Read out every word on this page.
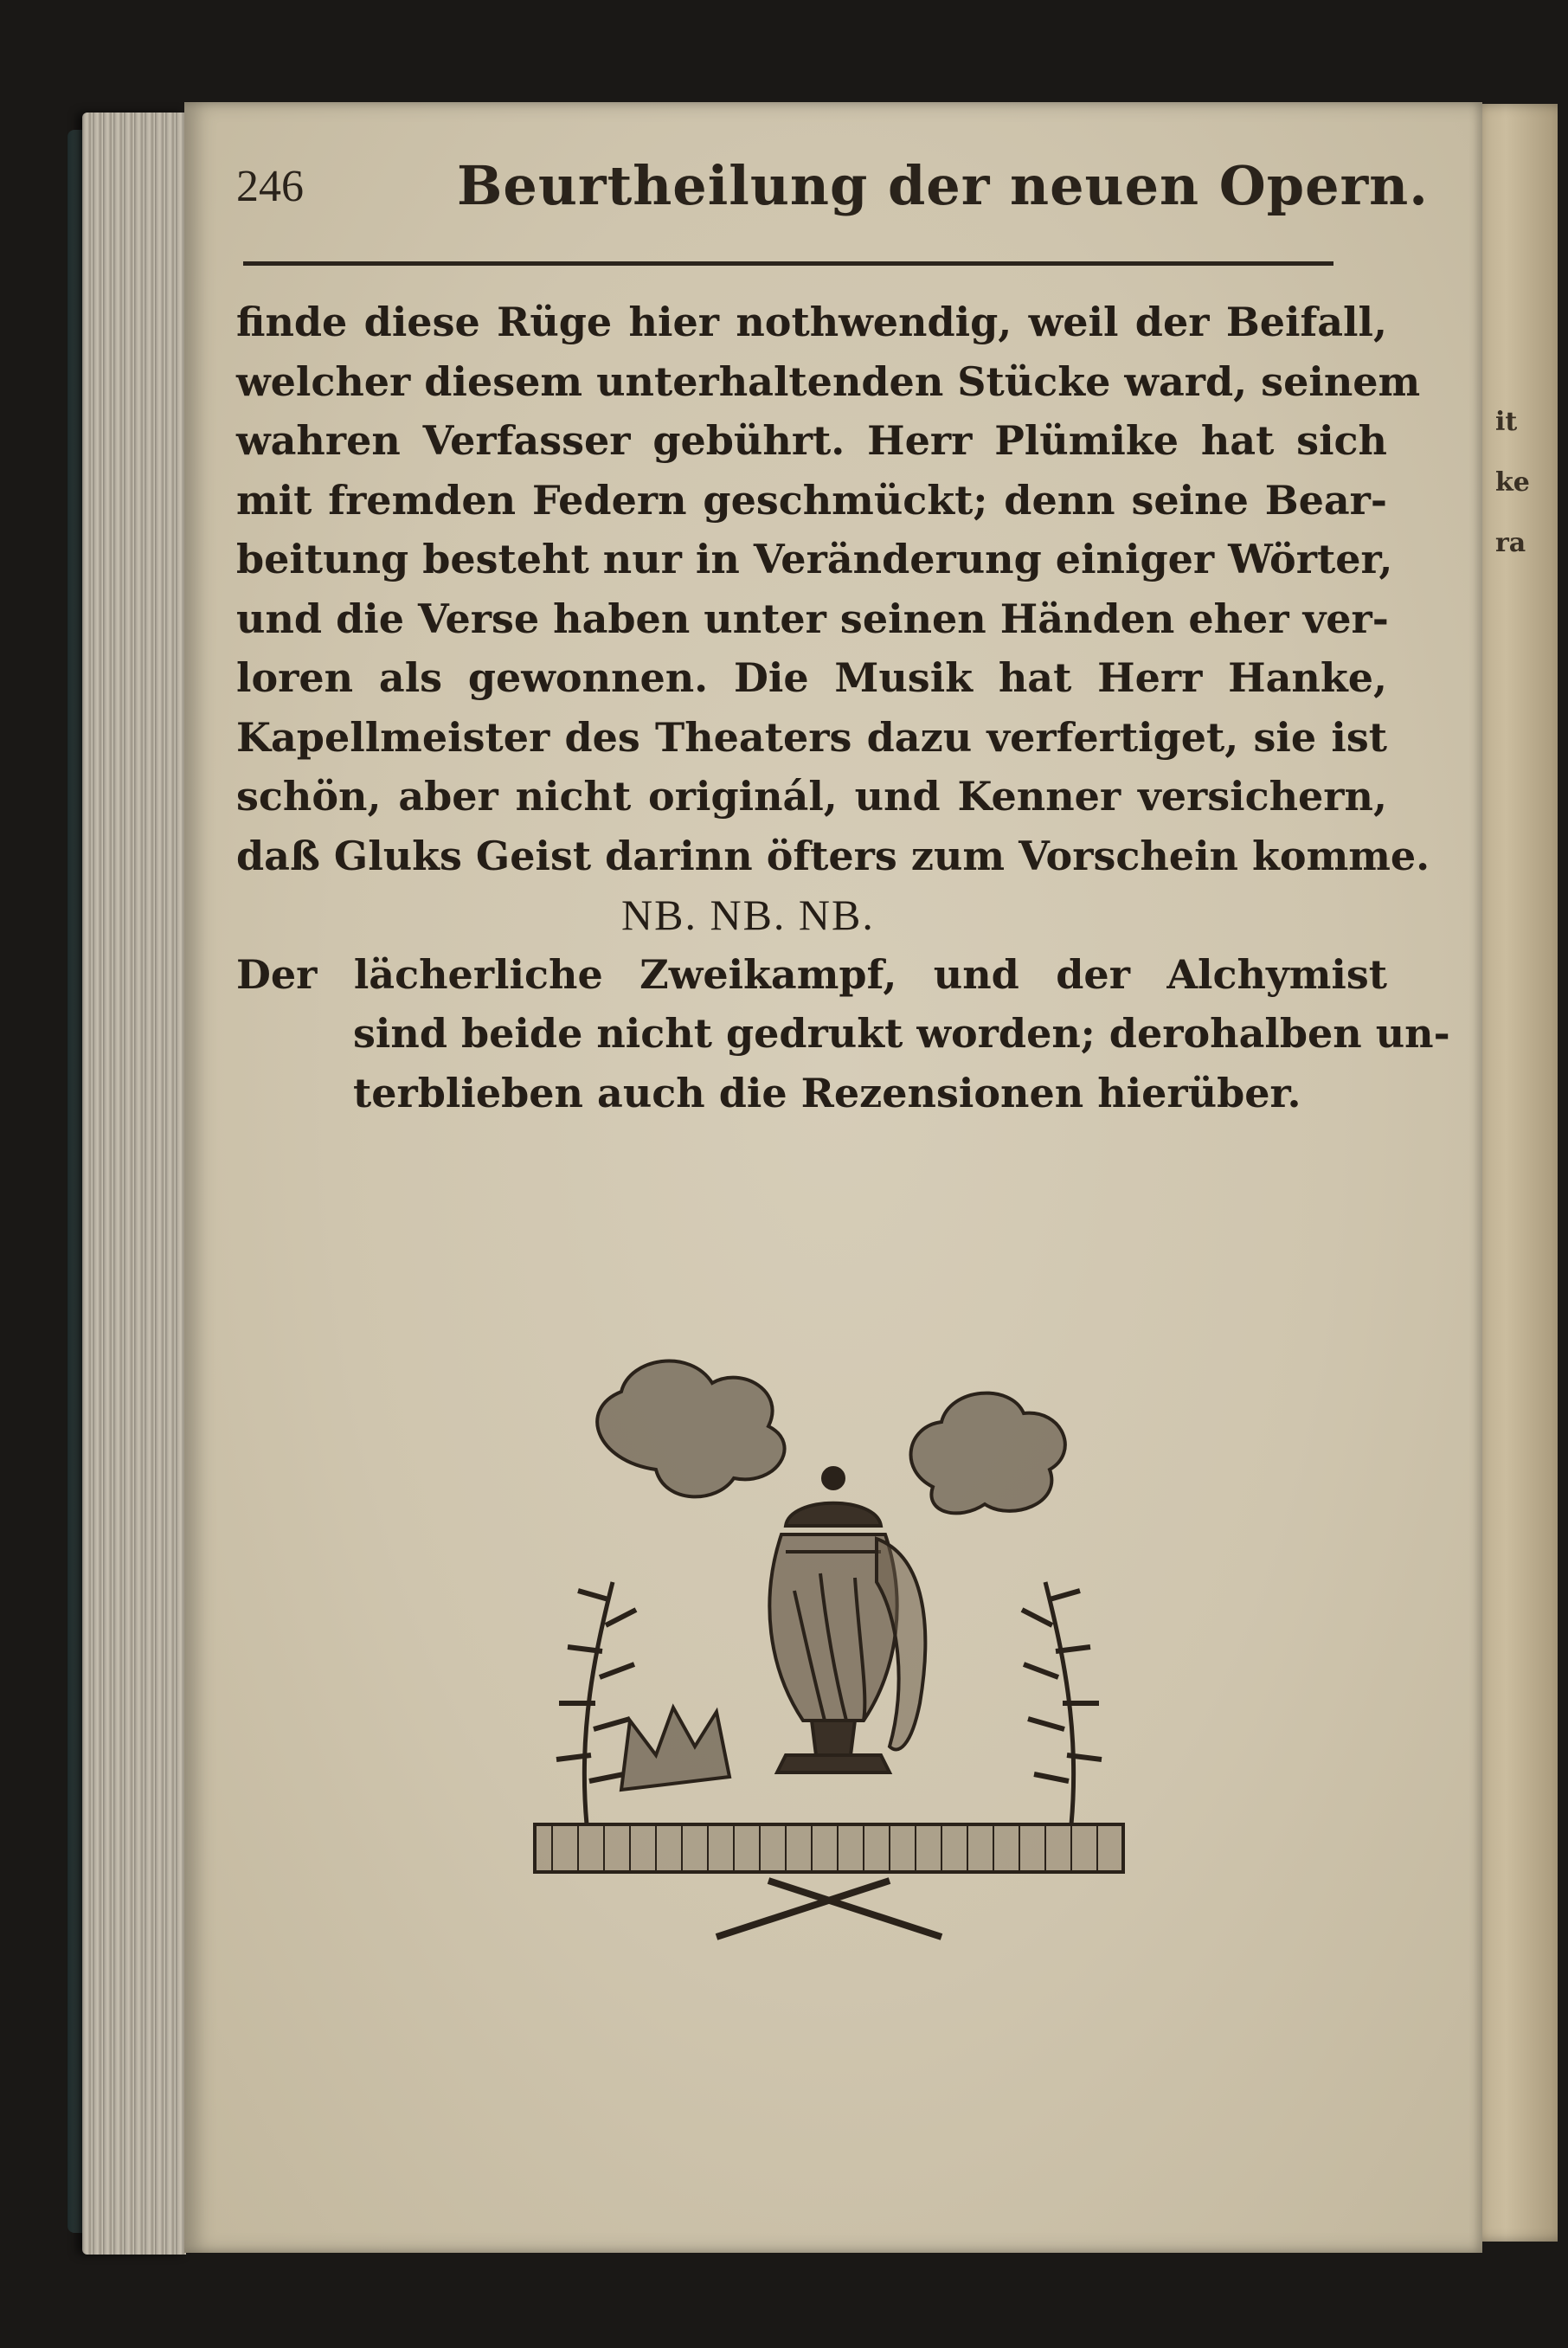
it
ke
ra
246	Beurtheilung der neuen Opern.
finde diese Rüge hier nothwendig, weil der Beifall,
welcher diesem unterhaltenden Stücke ward, seinem
wahren Verfasser gebührt. Herr Plümike hat sich
mit fremden Federn geschmückt; denn seine Bear-
beitung besteht nur in Veränderung einiger Wörter,
und die Verse haben unter seinen Händen eher ver-
loren als gewonnen. Die Musik hat Herr Hanke,
Kapellmeister des Theaters dazu verfertiget, sie ist
schön, aber nicht originál, und Kenner versichern,
daß Gluks Geist darinn öfters zum Vorschein komme.
NB. NB. NB.
Der lächerliche Zweikampf, und der Alchymist
sind beide nicht gedrukt worden; derohalben un-
terblieben auch die Rezensionen hierüber.
